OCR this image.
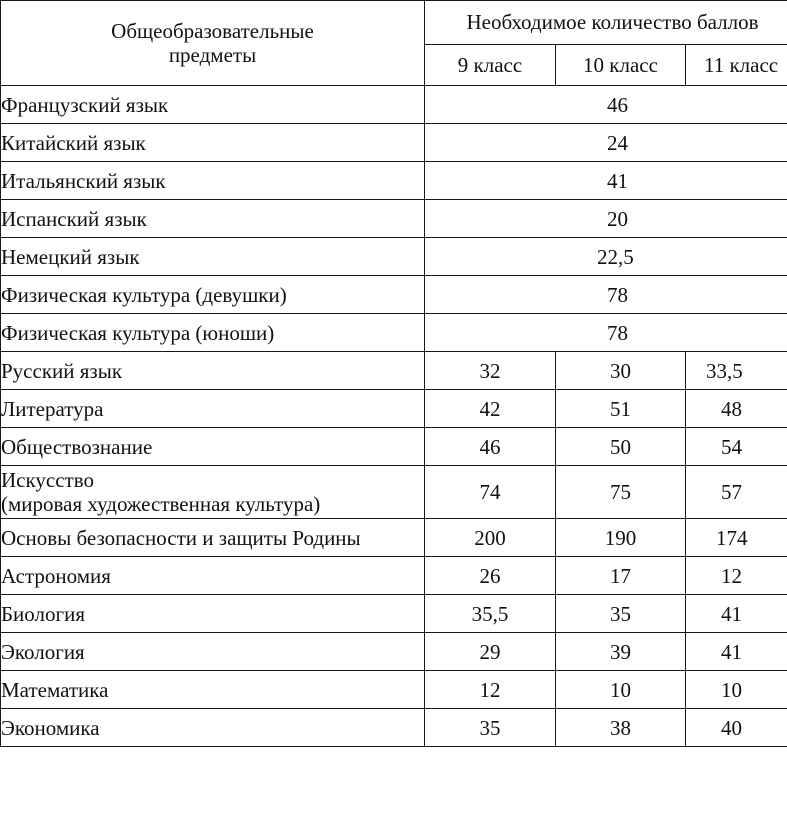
Общеобразовательные
предметы	Необходимое количество баллов		
	9 класс	10 класс	11 класс
Французский язык	46		
Китайский язык	24		
Итальянский язык	41		
Испанский язык	20		
Немецкий язык	22,5		
Физическая культура (девушки)	78		
Физическая культура (юноши)	78		
Русский язык	32	30	33,5
Литература	42	51	48
Обществознание	46	50	54
Искусство
(мировая художественная культура)	74	75	57
Основы безопасности и защиты Родины	200	190	174
Астрономия	26	17	12
Биология	35,5	35	41
Экология	29	39	41
Математика	12	10	10
Экономика	35	38	40
